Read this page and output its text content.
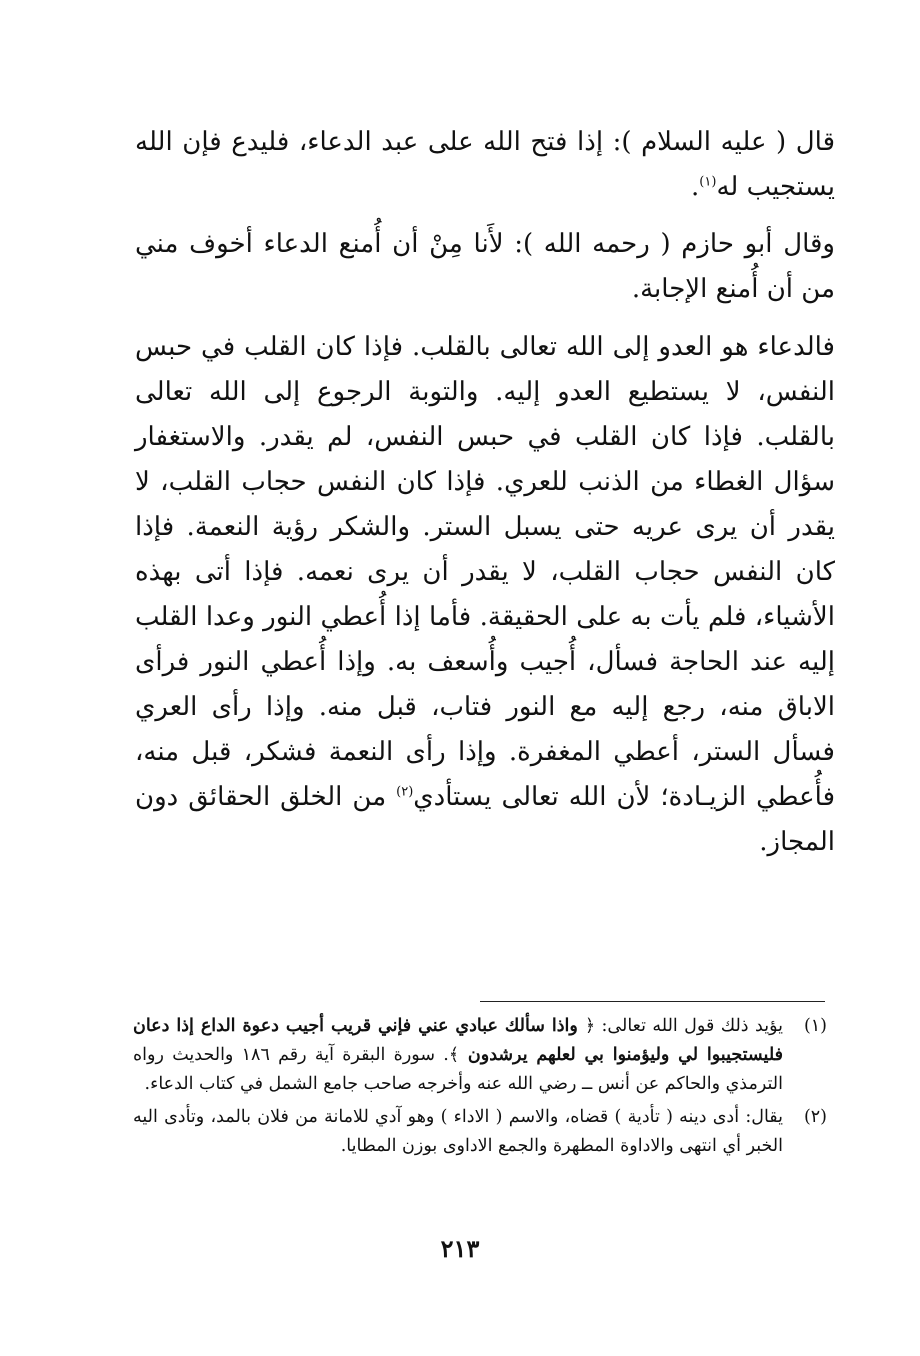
قال ( عليه السلام ): إذا فتح الله على عبد الدعاء، فليدع فإن الله يستجيب له$^{(١)}$.

وقال أبو حازم ( رحمه الله ): لأَنا مِنْ أن أُمنع الدعاء أخوف مني من أن أُمنع الإجابة.

فالدعاء هو العدو إلى الله تعالى بالقلب. فإذا كان القلب في حبس النفس، لا يستطيع العدو إليه. والتوبة الرجوع إلى الله تعالى بالقلب. فإذا كان القلب في حبس النفس، لم يقدر. والاستغفار سؤال الغطاء من الذنب للعري. فإذا كان النفس حجاب القلب، لا يقدر أن يرى عريه حتى يسبل الستر. والشكر رؤية النعمة. فإذا كان النفس حجاب القلب، لا يقدر أن يرى نعمه. فإذا أتى بهذه الأشياء، فلم يأت به على الحقيقة. فأما إذا أُعطي النور وعدا القلب إليه عند الحاجة فسأل، أُجيب وأُسعف به. وإذا أُعطي النور فرأى الاباق منه، رجع إليه مع النور فتاب، قبل منه. وإذا رأى العري فسأل الستر، أعطي المغفرة. وإذا رأى النعمة فشكر، قبل منه، فأُعطي الزيـادة؛ لأن الله تعالى يستأدي$^{(٢)}$ من الخلق الحقائق دون المجاز.

(١)
يؤيد ذلك قول الله تعالى: ﴿ واذا سألك عبادي عني فإني قريب أجيب دعوة الداع إذا دعان فليستجيبوا لي وليؤمنوا بي لعلهم يرشدون ﴾. سورة البقرة آية رقم ١٨٦ والحديث رواه الترمذي والحاكم عن أنس ــ رضي الله عنه وأخرجه صاحب جامع الشمل في كتاب الدعاء.
(٢)
يقال: أدى دينه ( تأدية ) قضاه، والاسم ( الاداء ) وهو آدي للامانة من فلان بالمد، وتأدى اليه الخبر أي انتهى والاداوة المطهرة والجمع الاداوى بوزن المطايا.
٢١٣
